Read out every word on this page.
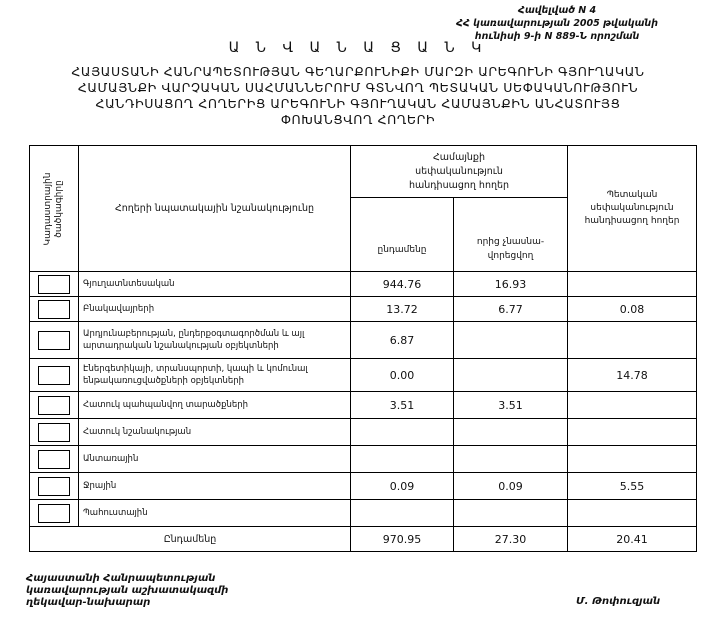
Հավելված N 4
ՀՀ կառավարության 2005 թվականի
հունիսի 9-ի N 889-Ն որոշման
Ա Ն Վ Ա Ն Ա Ց Ա Ն Կ
ՀԱՅԱՍՏԱՆԻ ՀԱՆՐԱՊԵՏՈՒԹՅԱՆ ԳԵՂԱՐՔՈՒՆԻՔԻ ՄԱՐԶԻ ԱՐԵԳՈՒՆԻ ԳՅՈՒՂԱԿԱՆ
ՀԱՄԱՅՆՔԻ ՎԱՐՉԱԿԱՆ ՍԱՀՄԱՆՆԵՐՈՒՄ ԳՏՆՎՈՂ ՊԵՏԱԿԱՆ ՍԵՓԱԿԱՆՈՒԹՅՈՒՆ
ՀԱՆԴԻՍԱՑՈՂ ՀՈՂԵՐԻՑ ԱՐԵԳՈՒՆԻ ԳՅՈՒՂԱԿԱՆ ՀԱՄԱՅՆՔԻՆ ԱՆՀԱՏՈՒՅՑ
ՓՈԽԱՆՑՎՈՂ ՀՈՂԵՐԻ
Կադաստրային ծածկագիրը	Հողերի նպատակային նշանակությունը	Համայնքի սեփականություն հանդիսացող հողեր		Պետական սեփականություն հանդիսացող հողեր

		ընդամենը	որից չնասնա-վորեցվող	

	Գյուղատնտեսական	944.76	16.93	
	Բնակավայրերի	13.72	6.77	0.08
	Արդյունաբերության, ընդերքօգտագործման և այլ արտադրական նշանակության օբյեկտների	6.87		
	Էներգետիկայի, տրանսպորտի, կապի և կոմունալ ենթակառուցվածքների օբյեկտների	0.00		14.78
	Հատուկ պահպանվող տարածքների	3.51	3.51	
	Հատուկ նշանակության			
	Անտառային			
	Ջրային	0.09	0.09	5.55
	Պահուստային			
Ընդամենը		970.95	27.30	20.41
Հայաստանի Հանրապետության
կառավարության աշխատակազմի
ղեկավար-նախարար	Մ. Թոփուզյան
